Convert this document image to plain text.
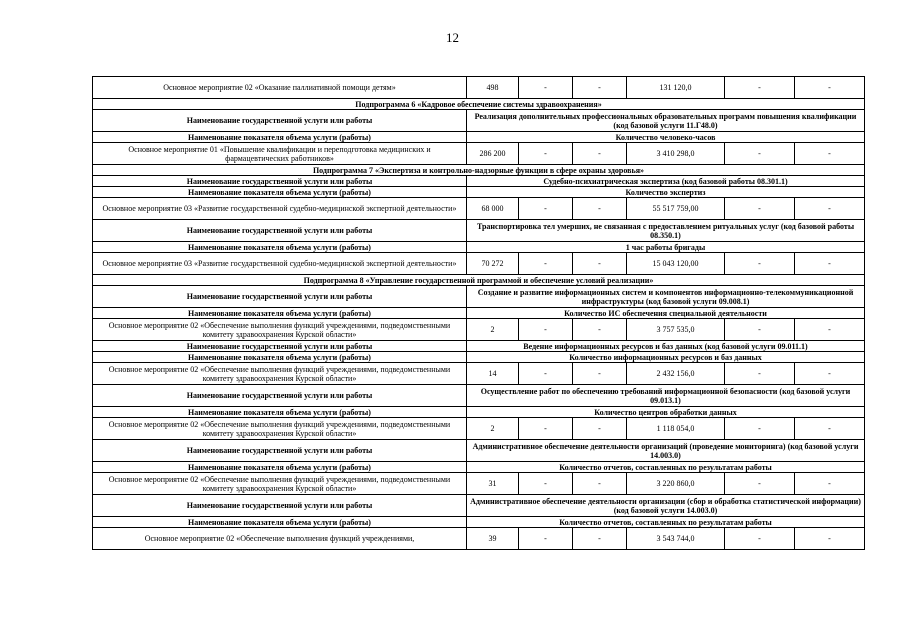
12
Основное мероприятие 02 «Оказание паллиативной помощи детям»	498	-	-	131 120,0	-	-
Подпрограмма 6 «Кадровое обеспечение системы здравоохранения»						
Наименование государственной услуги или работы	Реализация дополнительных профессиональных образовательных программ повышения квалификации (код базовой услуги 11.Г48.0)					
Наименование показателя объема услуги (работы)	Количество человеко-часов					
Основное мероприятие 01 «Повышение квалификации и переподготовка медицинских и фармацевтических работников»	286 200	-	-	3 410 298,0	-	-
Подпрограмма 7 «Экспертиза и контрольно-надзорные функции в сфере охраны здоровья»						
Наименование государственной услуги или работы	Судебно-психиатрическая экспертиза (код базовой работы 08.301.1)					
Наименование показателя объема услуги (работы)	Количество экспертиз					
Основное мероприятие 03 «Развитие государственной судебно-медицинской экспертной деятельности»	68 000	-	-	55 517 759,00	-	-
Наименование государственной услуги или работы	Транспортировка тел умерших, не связанная с предоставлением ритуальных услуг (код базовой работы 08.350.1)					
Наименование показателя объема услуги (работы)	1 час работы бригады					
Основное мероприятие 03 «Развитие государственной судебно-медицинской экспертной деятельности»	70 272	-	-	15 043 120,00	-	-
Подпрограмма 8 «Управление государственной программой и обеспечение условий реализации»						
Наименование государственной услуги или работы	Создание и развитие информационных систем и компонентов информационно-телекоммуникационной инфраструктуры (код базовой услуги 09.008.1)					
Наименование показателя объема услуги (работы)	Количество ИС обеспечения специальной деятельности					
Основное мероприятие 02 «Обеспечение выполнения функций учреждениями, подведомственными комитету здравоохранения Курской области»	2	-	-	3 757 535,0	-	-
Наименование государственной услуги или работы	Ведение информационных ресурсов и баз данных (код базовой услуги 09.011.1)					
Наименование показателя объема услуги (работы)	Количество информационных ресурсов и баз данных					
Основное мероприятие 02 «Обеспечение выполнения функций учреждениями, подведомственными комитету здравоохранения Курской области»	14	-	-	2 432 156,0	-	-
Наименование государственной услуги или работы	Осуществление работ по обеспечению требований информационной безопасности (код базовой услуги 09.013.1)					
Наименование показателя объема услуги (работы)	Количество центров обработки данных					
Основное мероприятие 02 «Обеспечение выполнения функций учреждениями, подведомственными комитету здравоохранения Курской области»	2	-	-	1 118 054,0	-	-
Наименование государственной услуги или работы	Административное обеспечение деятельности организаций (проведение мониторинга) (код базовой услуги 14.003.0)					
Наименование показателя объема услуги (работы)	Количество отчетов, составленных по результатам работы					
Основное мероприятие 02 «Обеспечение выполнения функций учреждениями, подведомственными комитету здравоохранения Курской области»	31	-	-	3 220 860,0	-	-
Наименование государственной услуги или работы	Административное обеспечение деятельности организации (сбор и обработка статистической информации) (код базовой услуги 14.003.0)					
Наименование показателя объема услуги (работы)	Количество отчетов, составленных по результатам работы					
Основное мероприятие 02 «Обеспечение выполнения функций учреждениями,	39	-	-	3 543 744,0	-	-
